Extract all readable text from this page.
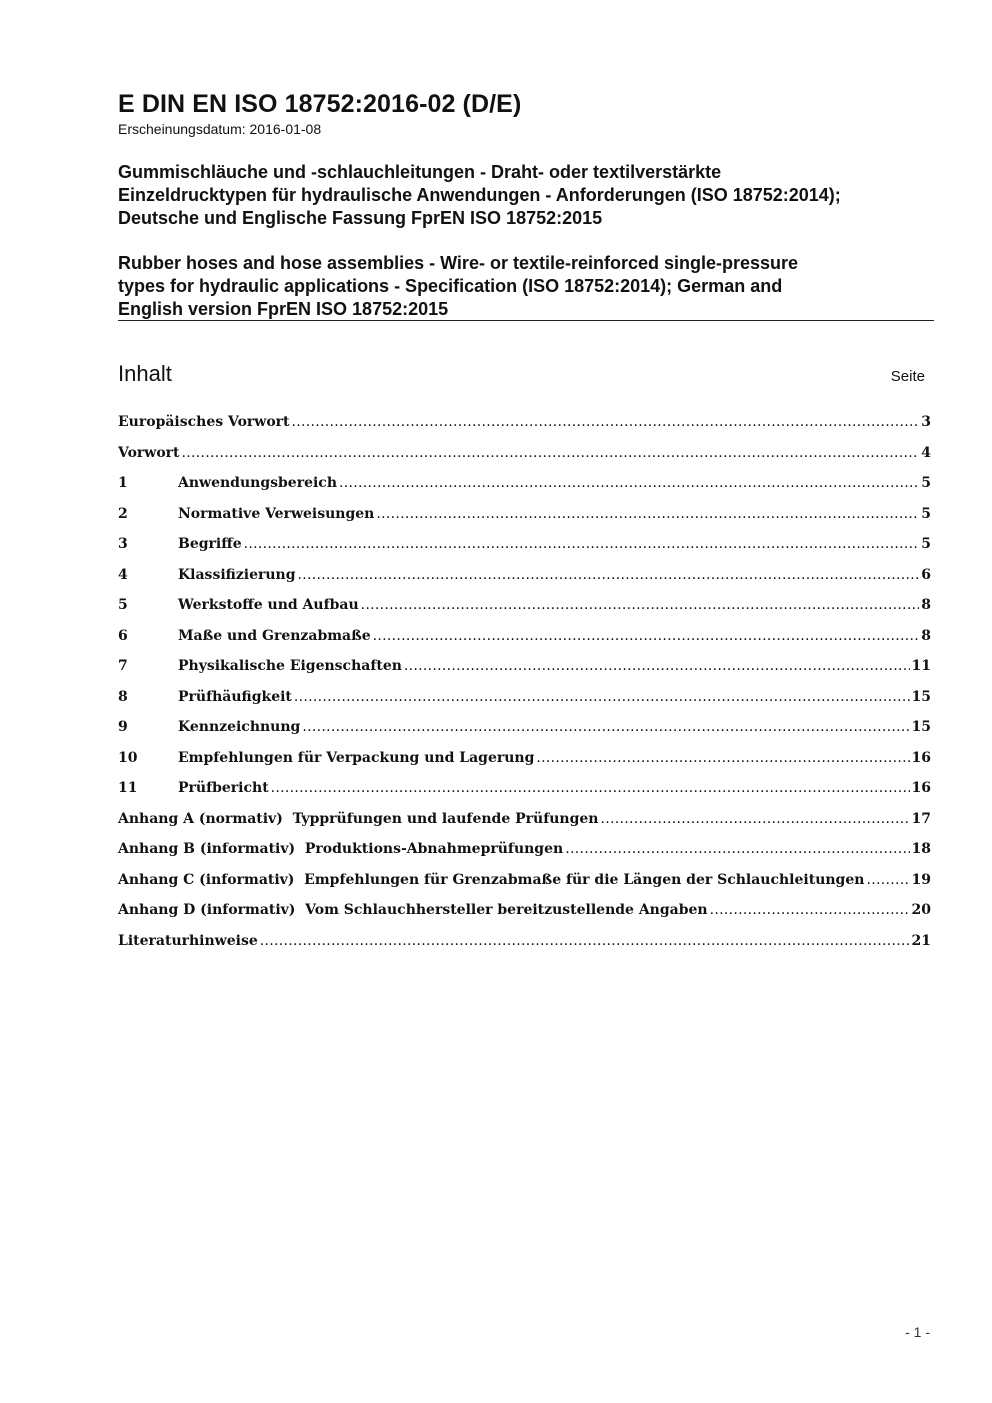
E DIN EN ISO 18752:2016-02 (D/E)
Erscheinungsdatum: 2016-01-08
Gummischläuche und -schlauchleitungen - Draht- oder textilverstärkte
Einzeldrucktypen für hydraulische Anwendungen - Anforderungen (ISO 18752:2014);
Deutsche und Englische Fassung FprEN ISO 18752:2015
Rubber hoses and hose assemblies - Wire- or textile-reinforced single-pressure
types for hydraulic applications - Specification (ISO 18752:2014); German and
English version FprEN ISO 18752:2015
Inhalt	Seite
Europäisches Vorwort .....	3
Vorwort .....	4
1	Anwendungsbereich .....	5
2	Normative Verweisungen .....	5
3	Begriffe .....	5
4	Klassifizierung .....	6
5	Werkstoffe und Aufbau .....	8
6	Maße und Grenzabmaße .....	8
7	Physikalische Eigenschaften .....	11
8	Prüfhäufigkeit .....	15
9	Kennzeichnung .....	15
10	Empfehlungen für Verpackung und Lagerung .....	16
11	Prüfbericht .....	16
Anhang A (normativ)  Typprüfungen und laufende Prüfungen .....	17
Anhang B (informativ)  Produktions-Abnahmeprüfungen .....	18
Anhang C (informativ)  Empfehlungen für Grenzabmaße für die Längen der Schlauchleitungen .....	19
Anhang D (informativ)  Vom Schlauchhersteller bereitzustellende Angaben .....	20
Literaturhinweise .....	21
- 1 -
